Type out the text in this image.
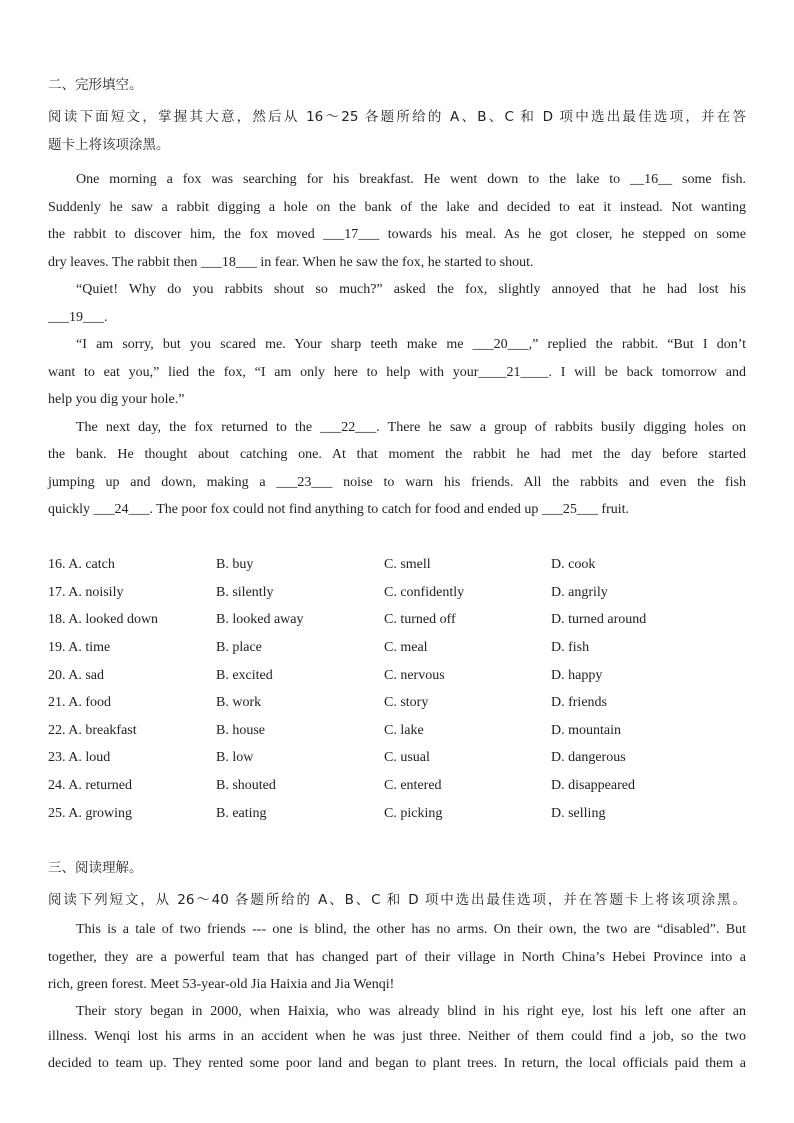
二、完形填空。
阅读下面短文，掌握其大意，然后从 16～25 各题所给的 A、B、C 和 D 项中选出最佳选项，并在答
题卡上将该项涂黑。
One morning a fox was searching for his breakfast. He went down to the lake to __16__ some fish.
Suddenly he saw a rabbit digging a hole on the bank of the lake and decided to eat it instead. Not wanting
the rabbit to discover him, the fox moved ___17___ towards his meal. As he got closer, he stepped on some
dry leaves. The rabbit then ___18___ in fear. When he saw the fox, he started to shout.
“Quiet! Why do you rabbits shout so much?” asked the fox, slightly annoyed that he had lost his
___19___.
“I am sorry, but you scared me. Your sharp teeth make me ___20___,” replied the rabbit. “But I don’t
want to eat you,” lied the fox, “I am only here to help with your____21____. I will be back tomorrow and
help you dig your hole.”
The next day, the fox returned to the ___22___. There he saw a group of rabbits busily digging holes on
the bank. He thought about catching one. At that moment the rabbit he had met the day before started
jumping up and down, making a ___23___ noise to warn his friends. All the rabbits and even the fish
quickly ___24___. The poor fox could not find anything to catch for food and ended up ___25___ fruit.
16. A. catch	B. buy	C. smell	D. cook
17. A. noisily	B. silently	C. confidently	D. angrily
18. A. looked down	B. looked away	C. turned off	D. turned around
19. A. time	B. place	C. meal	D. fish
20. A. sad	B. excited	C. nervous	D. happy
21. A. food	B. work	C. story	D. friends
22. A. breakfast	B. house	C. lake	D. mountain
23. A. loud	B. low	C. usual	D. dangerous
24. A. returned	B. shouted	C. entered	D. disappeared
25. A. growing	B. eating	C. picking	D. selling
三、阅读理解。
阅读下列短文，从 26～40 各题所给的 A、B、C 和 D 项中选出最佳选项，并在答题卡上将该项涂黑。
This is a tale of two friends --- one is blind, the other has no arms. On their own, the two are “disabled”. But
together, they are a powerful team that has changed part of their village in North China’s Hebei Province into a
rich, green forest. Meet 53-year-old Jia Haixia and Jia Wenqi!
Their story began in 2000, when Haixia, who was already blind in his right eye, lost his left one after an
illness. Wenqi lost his arms in an accident when he was just three. Neither of them could find a job, so the two
decided to team up. They rented some poor land and began to plant trees. In return, the local officials paid them a
